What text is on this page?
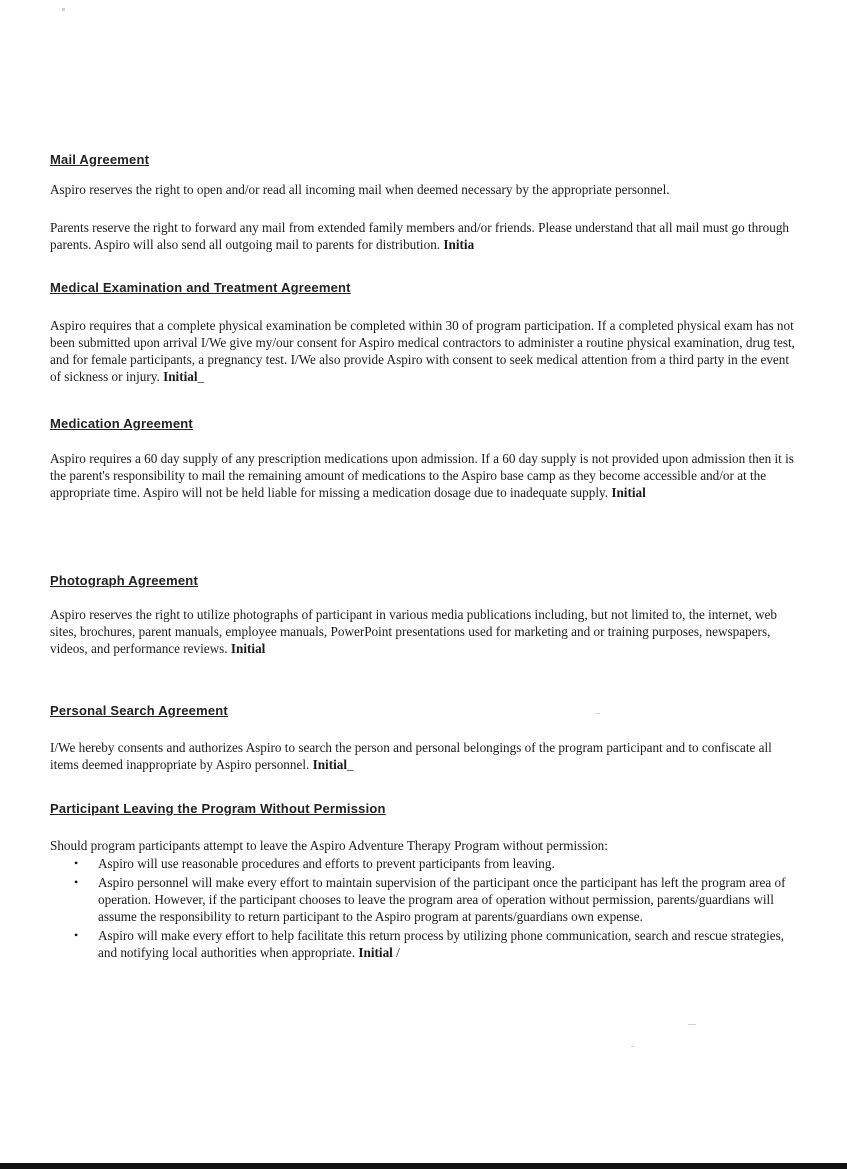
Mail Agreement
Aspiro reserves the right to open and/or read all incoming mail when deemed necessary by the appropriate personnel.
Parents reserve the right to forward any mail from extended family members and/or friends. Please understand that all mail must go through parents. Aspiro will also send all outgoing mail to parents for distribution. Initia
Medical Examination and Treatment Agreement
Aspiro requires that a complete physical examination be completed within 30 of program participation. If a completed physical exam has not been submitted upon arrival I/We give my/our consent for Aspiro medical contractors to administer a routine physical examination, drug test, and for female participants, a pregnancy test. I/We also provide Aspiro with consent to seek medical attention from a third party in the event of sickness or injury. Initial_
Medication Agreement
Aspiro requires a 60 day supply of any prescription medications upon admission. If a 60 day supply is not provided upon admission then it is the parent's responsibility to mail the remaining amount of medications to the Aspiro base camp as they become accessible and/or at the appropriate time. Aspiro will not be held liable for missing a medication dosage due to inadequate supply. Initial
Photograph Agreement
Aspiro reserves the right to utilize photographs of participant in various media publications including, but not limited to, the internet, web sites, brochures, parent manuals, employee manuals, PowerPoint presentations used for marketing and or training purposes, newspapers, videos, and performance reviews. Initial
Personal Search Agreement
I/We hereby consents and authorizes Aspiro to search the person and personal belongings of the program participant and to confiscate all items deemed inappropriate by Aspiro personnel. Initial_
Participant Leaving the Program Without Permission
Should program participants attempt to leave the Aspiro Adventure Therapy Program without permission:
• Aspiro will use reasonable procedures and efforts to prevent participants from leaving.
• Aspiro personnel will make every effort to maintain supervision of the participant once the participant has left the program area of operation. However, if the participant chooses to leave the program area of operation without permission, parents/guardians will assume the responsibility to return participant to the Aspiro program at parents/guardians own expense.
• Aspiro will make every effort to help facilitate this return process by utilizing phone communication, search and rescue strategies, and notifying local authorities when appropriate. Initial /
